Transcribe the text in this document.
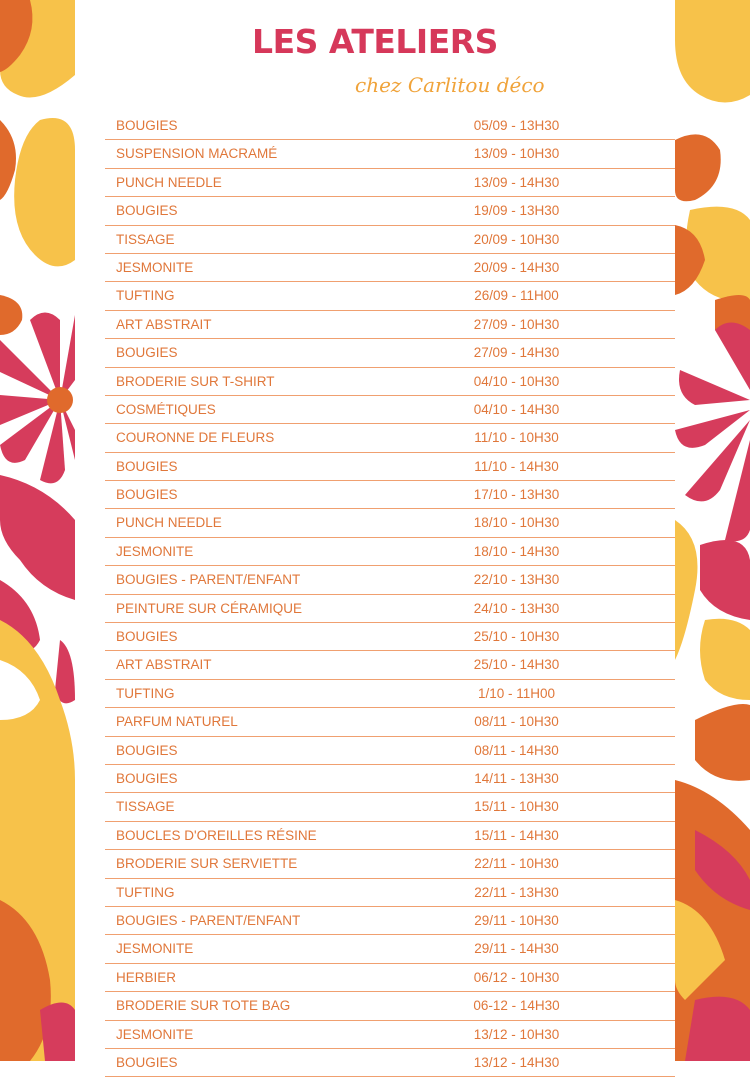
LES ATELIERS
chez Carlitou déco
BOUGIES	05/09 - 13H30
SUSPENSION MACRAMÉ	13/09 - 10H30
PUNCH NEEDLE	13/09 - 14H30
BOUGIES	19/09 - 13H30
TISSAGE	20/09 - 10H30
JESMONITE	20/09 - 14H30
TUFTING	26/09 - 11H00
ART ABSTRAIT	27/09 - 10H30
BOUGIES	27/09 - 14H30
BRODERIE SUR T-SHIRT	04/10 - 10H30
COSMÉTIQUES	04/10 - 14H30
COURONNE DE FLEURS	11/10 - 10H30
BOUGIES	11/10 - 14H30
BOUGIES	17/10 - 13H30
PUNCH NEEDLE	18/10 - 10H30
JESMONITE	18/10 - 14H30
BOUGIES - PARENT/ENFANT	22/10 - 13H30
PEINTURE SUR CÉRAMIQUE	24/10 - 13H30
BOUGIES	25/10 - 10H30
ART ABSTRAIT	25/10 - 14H30
TUFTING	1/10 - 11H00
PARFUM NATUREL	08/11 - 10H30
BOUGIES	08/11 - 14H30
BOUGIES	14/11 - 13H30
TISSAGE	15/11 - 10H30
BOUCLES D'OREILLES RÉSINE	15/11 - 14H30
BRODERIE SUR SERVIETTE	22/11 - 10H30
TUFTING	22/11 - 13H30
BOUGIES - PARENT/ENFANT	29/11 - 10H30
JESMONITE	29/11 - 14H30
HERBIER	06/12 - 10H30
BRODERIE SUR TOTE BAG	06-12 - 14H30
JESMONITE	13/12 - 10H30
BOUGIES	13/12 - 14H30
